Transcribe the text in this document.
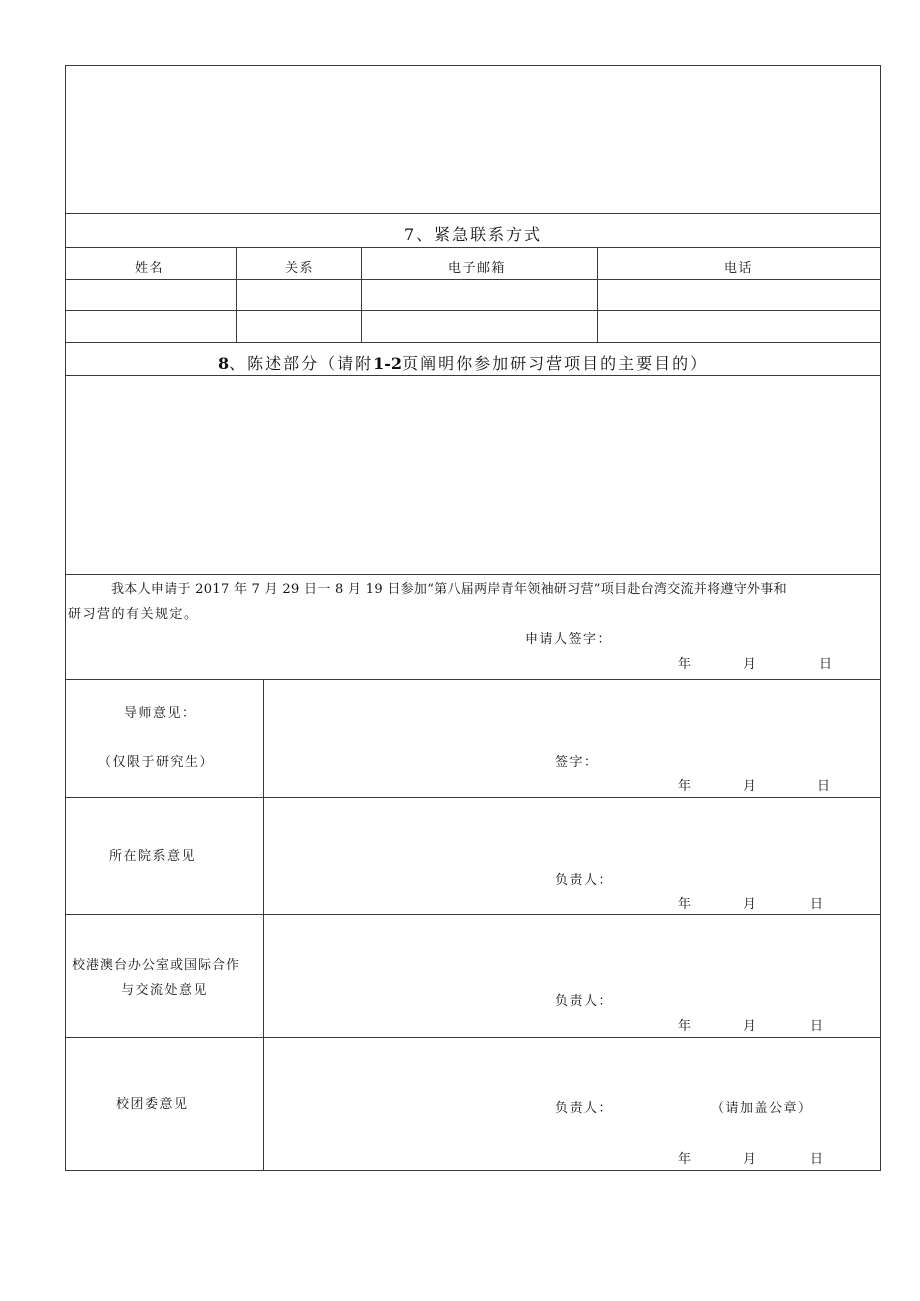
7、紧急联系方式
姓名	关系	电子邮箱	电话
8、陈述部分（请附1-2页阐明你参加研习营项目的主要目的）
我本人申请于 2017 年 7 月 29 日一 8 月 19 日参加“第八届两岸青年领袖研习营”项目赴台湾交流并将遵守外事和
研习营的有关规定。
申请人签字：
年	月	日
导师意见：
（仅限于研究生）	签字：
年	月	日
所在院系意见
负责人：
年	月	日
校港澳台办公室或国际合作
与交流处意见
负责人：
年	月	日
校团委意见	负责人：	（请加盖公章）
年	月	日
